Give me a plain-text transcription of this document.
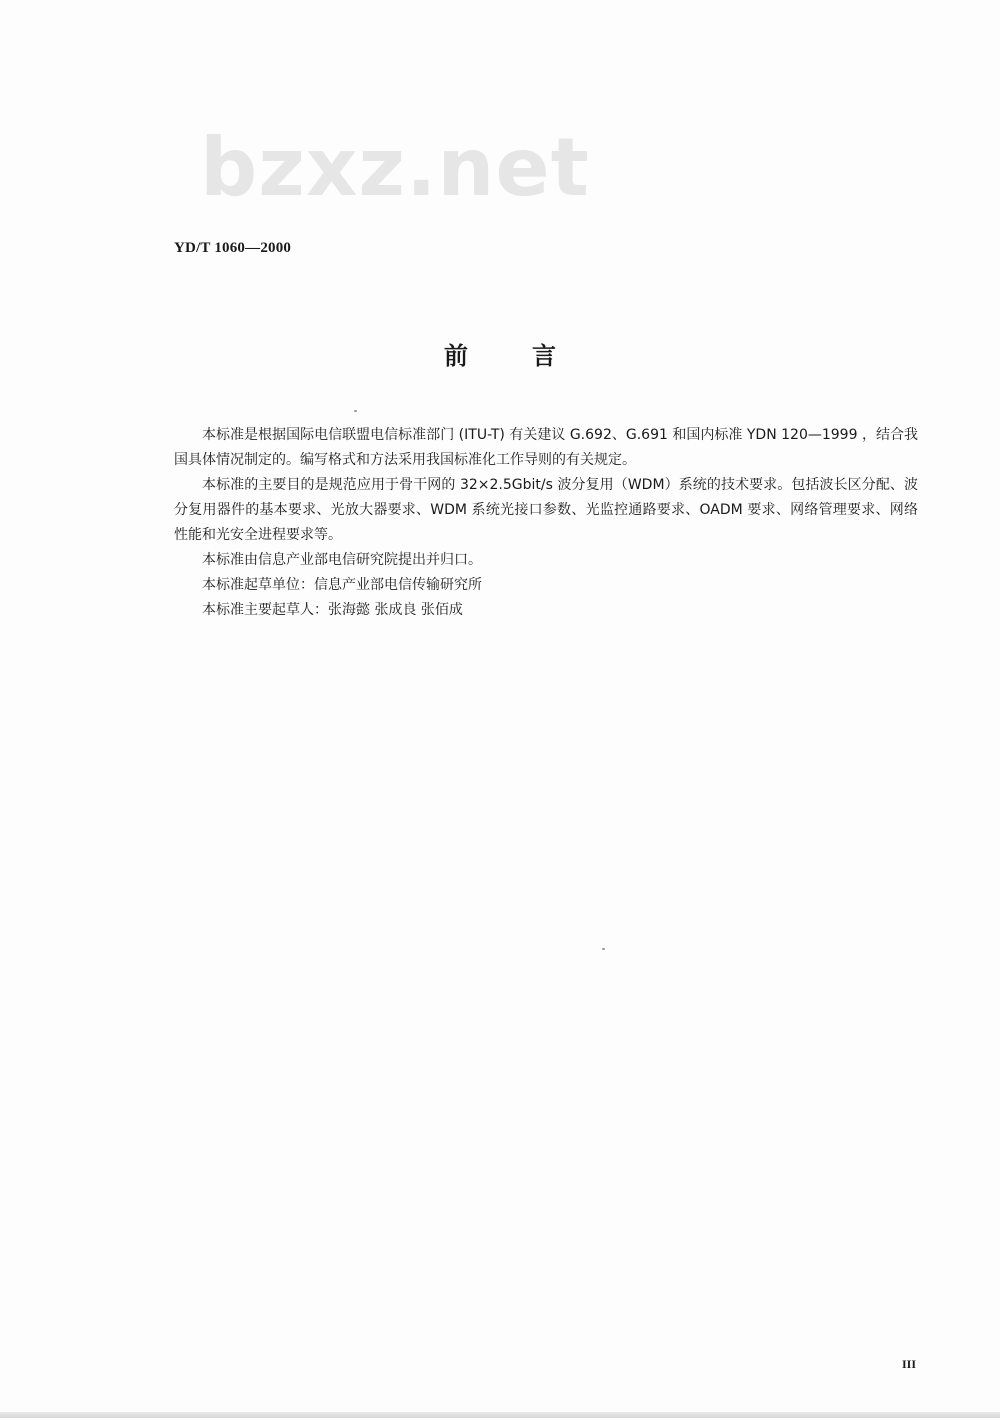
bzxz.net
YD/T 1060—2000
前	言

本标准是根据国际电信联盟电信标准部门 (ITU-T) 有关建议 G.692、G.691 和国内标准 YDN 120—1999 ，结合我国具体情况制定的。编写格式和方法采用我国标准化工作导则的有关规定。

本标准的主要目的是规范应用于骨干网的 32×2.5Gbit/s 波分复用（WDM）系统的技术要求。包括波长区分配、波分复用器件的基本要求、光放大器要求、WDM 系统光接口参数、光监控通路要求、OADM 要求、网络管理要求、网络性能和光安全进程要求等。

本标准由信息产业部电信研究院提出并归口。

本标准起草单位：信息产业部电信传输研究所

本标准主要起草人：张海懿 张成良 张佰成

III
